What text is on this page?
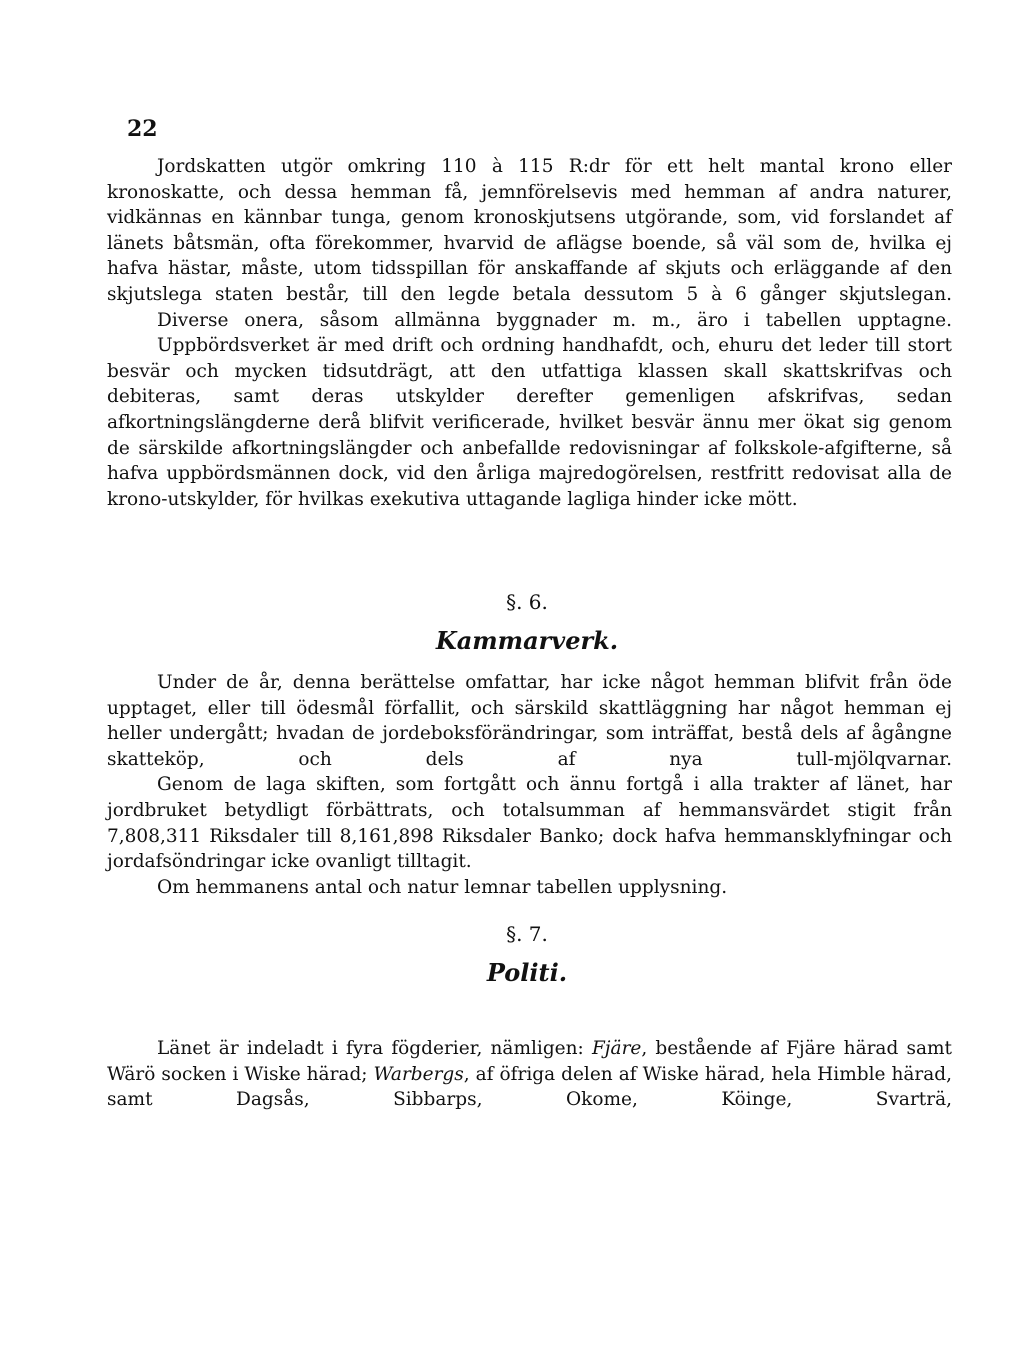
22

Jordskatten utgör omkring 110 à 115 R:dr för ett helt mantal krono eller kronoskatte, och dessa hemman få, jemnförelsevis med hemman af andra naturer, vidkännas en kännbar tunga, genom kronoskjutsens utgörande, som, vid forslandet af länets båtsmän, ofta förekommer, hvarvid de aflägse boende, så väl som de, hvilka ej hafva hästar, måste, utom tidsspillan för anskaffande af skjuts och erläggande af den skjutslega staten består, till den legde betala dessutom 5 à 6 gånger skjutslegan.

Diverse onera, såsom allmänna byggnader m. m., äro i tabellen upptagne.

Uppbördsverket är med drift och ordning handhafdt, och, ehuru det leder till stort besvär och mycken tidsutdrägt, att den utfattiga klassen skall skattskrifvas och debiteras, samt deras utskylder derefter gemenligen afskrifvas, sedan afkortningslängderne derå blifvit verificerade, hvilket besvär ännu mer ökat sig genom de särskilde afkortningslängder och anbefallde redovisningar af folkskole-afgifterne, så hafva uppbördsmännen dock, vid den årliga majredogörelsen, restfritt redovisat alla de krono-utskylder, för hvilkas exekutiva uttagande lagliga hinder icke mött.

§. 6.

Kammarverk.

Under de år, denna berättelse omfattar, har icke något hemman blifvit från öde upptaget, eller till ödesmål förfallit, och särskild skattläggning har något hemman ej heller undergått; hvadan de jordeboksförändringar, som inträffat, bestå dels af ågångne skatteköp, och dels af nya tull-mjölqvarnar.

Genom de laga skiften, som fortgått och ännu fortgå i alla trakter af länet, har jordbruket betydligt förbättrats, och totalsumman af hemmansvärdet stigit från 7,808,311 Riksdaler till 8,161,898 Riksdaler Banko; dock hafva hemmansklyfningar och jordafsöndringar icke ovanligt tilltagit.

Om hemmanens antal och natur lemnar tabellen upplysning.

§. 7.

Politi.

Länet är indeladt i fyra fögderier, nämligen: Fjäre, bestående af Fjäre härad samt Wärö socken i Wiske härad; Warbergs, af öfriga delen af Wiske härad, hela Himble härad, samt Dagsås, Sibbarps, Okome, Köinge, Svarträ,
